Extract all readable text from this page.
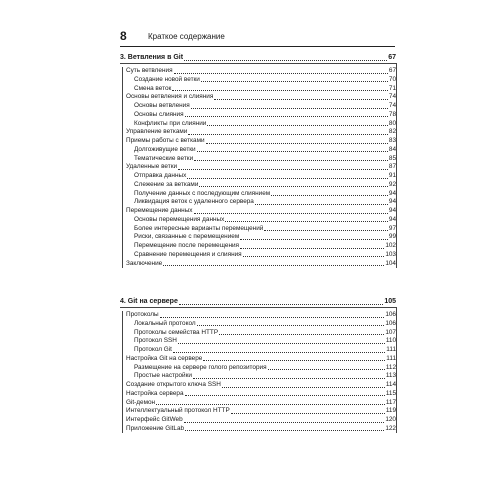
8	Краткое содержание
3. Ветвления в Git	67
Суть ветвления	67
Создание новой ветки	70
Смена веток	71
Основы ветвления и слияния	74
Основы ветвления	74
Основы слияния	78
Конфликты при слиянии	80
Управление ветками	82
Приемы работы с ветками	83
Долгоживущие ветки	84
Тематические ветки	85
Удаленные ветки	87
Отправка данных	91
Слежение за ветками	92
Получение данных с последующим слиянием	94
Ликвидация веток с удаленного сервера	94
Перемещение данных	94
Основы перемещения данных	94
Более интересные варианты перемещений	97
Риски, связанные с перемещением	99
Перемещение после перемещения	102
Сравнение перемещения и слияния	103
Заключение	104
4. Git на сервере	105
Протоколы	106
Локальный протокол	106
Протоколы семейства HTTP	107
Протокол SSH	110
Протокол Git	111
Настройка Git на сервере	111
Размещение на сервере голого репозитория	112
Простые настройки	113
Создание открытого ключа SSH	114
Настройка сервера	115
Git-демон	117
Интеллектуальный протокол HTTP	119
Интерфейс GitWeb	120
Приложение GitLab	122
